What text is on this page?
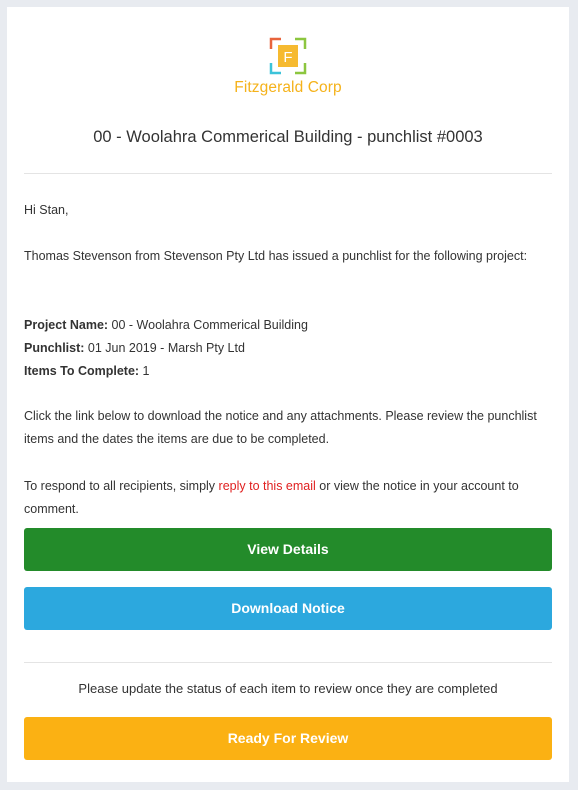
F
Fitzgerald Corp
00 - Woolahra Commerical Building - punchlist #0003
Hi Stan,
Thomas Stevenson from Stevenson Pty Ltd has issued a punchlist for the following project:
Project Name: 00 - Woolahra Commerical Building
Punchlist: 01 Jun 2019 - Marsh Pty Ltd
Items To Complete: 1
Click the link below to download the notice and any attachments. Please review the punchlist items and the dates the items are due to be completed.
To respond to all recipients, simply reply to this email or view the notice in your account to comment.
View Details
Download Notice
Please update the status of each item to review once they are completed
Ready For Review
